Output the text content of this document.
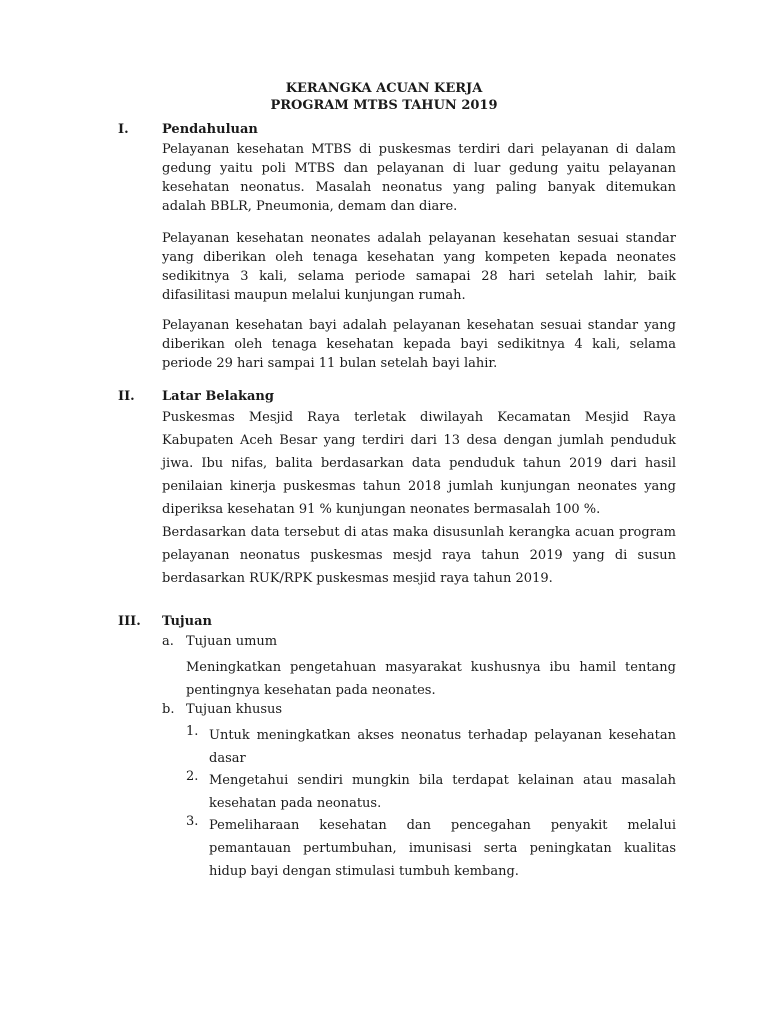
KERANGKA ACUAN KERJA
PROGRAM MTBS TAHUN 2019
I.	Pendahuluan

Pelayanan kesehatan MTBS di puskesmas terdiri dari pelayanan di dalam gedung yaitu poli MTBS dan pelayanan di luar gedung yaitu pelayanan kesehatan neonatus. Masalah neonatus yang paling banyak ditemukan adalah BBLR, Pneumonia, demam dan diare.

Pelayanan kesehatan neonates adalah pelayanan kesehatan sesuai standar yang diberikan oleh tenaga kesehatan yang kompeten kepada neonates sedikitnya 3 kali, selama periode samapai 28 hari setelah lahir, baik difasilitasi maupun melalui kunjungan rumah.

Pelayanan kesehatan bayi adalah pelayanan kesehatan sesuai standar yang diberikan oleh tenaga kesehatan kepada bayi sedikitnya 4 kali, selama periode 29 hari sampai 11 bulan setelah bayi lahir.

II. Latar Belakang

Puskesmas Mesjid Raya terletak diwilayah Kecamatan Mesjid Raya Kabupaten Aceh Besar yang terdiri dari 13 desa dengan jumlah penduduk jiwa. Ibu nifas, balita berdasarkan data penduduk tahun 2019 dari hasil penilaian kinerja puskesmas tahun 2018 jumlah kunjungan neonates yang diperiksa kesehatan 91 % kunjungan neonates bermasalah 100 %.

Berdasarkan data tersebut di atas maka disusunlah kerangka acuan program pelayanan neonatus puskesmas mesjd raya tahun 2019 yang di susun berdasarkan RUK/RPK puskesmas mesjid raya tahun 2019.

III. Tujuan
a. Tujuan umum

Meningkatkan pengetahuan masyarakat kushusnya ibu hamil tentang pentingnya kesehatan pada neonates.

b. Tujuan khusus
1. Untuk meningkatkan akses neonatus terhadap pelayanan kesehatan dasar

2. Mengetahui sendiri mungkin bila terdapat kelainan atau masalah kesehatan pada neonatus.

3. Pemeliharaan kesehatan dan pencegahan penyakit melalui pemantauan pertumbuhan, imunisasi serta peningkatan kualitas hidup bayi dengan stimulasi tumbuh kembang.
